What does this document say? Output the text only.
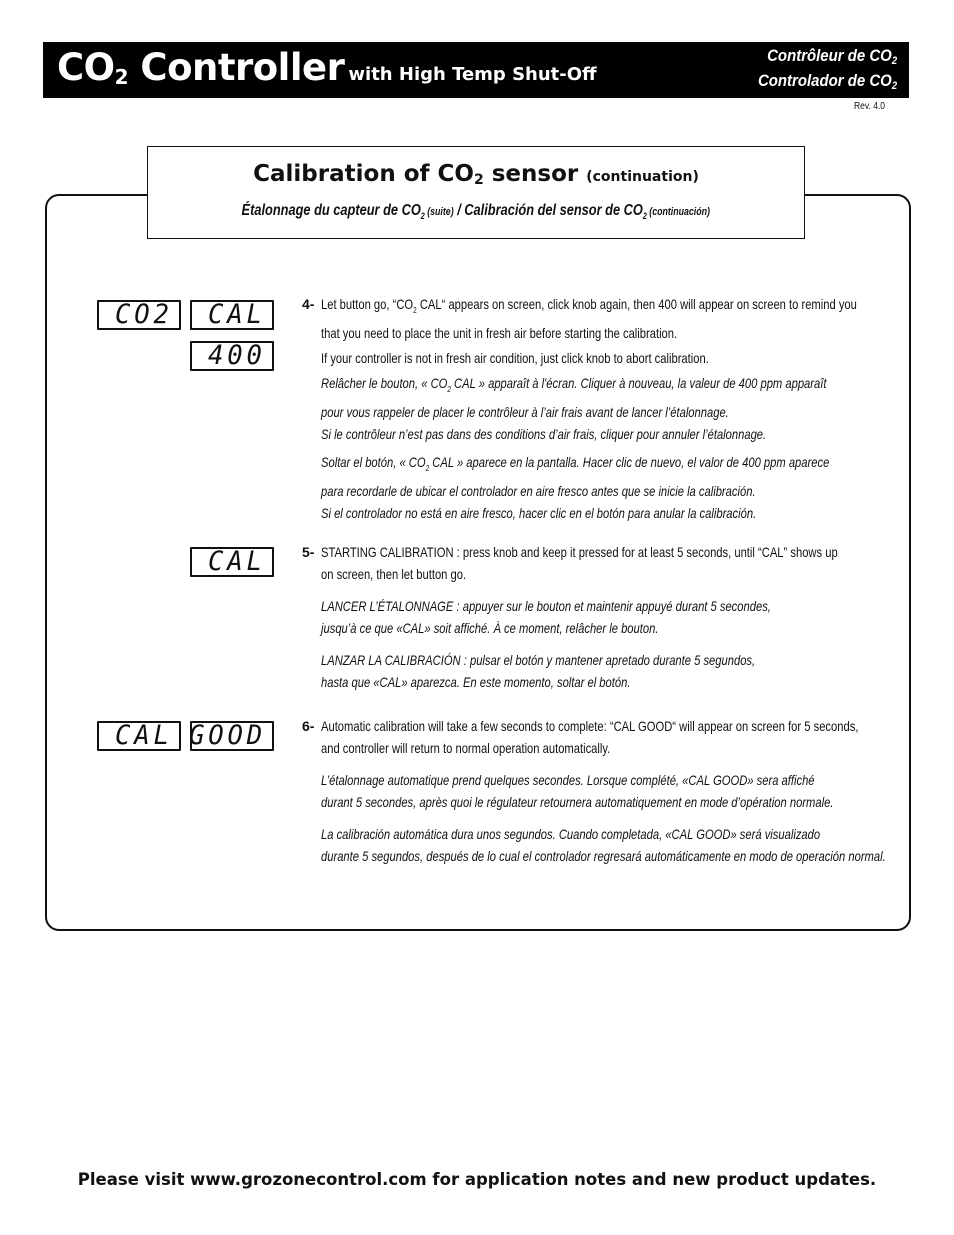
$CO_2$ Controller with High Temp Shut-Off
Contrôleur de $CO_2$
Controlador de $CO_2$
Rev. 4.0
Calibration of $CO_2$ sensor (continuation)
Étalonnage du capteur de $CO_2$ (suite) / Calibración del sensor de $CO_2$ (continuación)
CO2 CAL
400
CAL
CAL GOOD
4- Let button go, “$CO_2$ CAL“ appears on screen, click knob again, then 400 will appear on screen to remind you
that you need to place the unit in fresh air before starting the calibration.
If your controller is not in fresh air condition, just click knob to abort calibration.
Relâcher le bouton, « $CO_2$ CAL » apparaît à l'écran. Cliquer à nouveau, la valeur de 400 ppm apparaît
pour vous rappeler de placer le contrôleur à l’air frais avant de lancer l’étalonnage.
Si le contrôleur n’est pas dans des conditions d’air frais, cliquer pour annuler l’étalonnage.
Soltar el botón, « $CO_2$ CAL » aparece en la pantalla. Hacer clic de nuevo, el valor de 400 ppm aparece
para recordarle de ubicar el controlador en aire fresco antes que se inicie la calibración.
Si el controlador no está en aire fresco, hacer clic en el botón para anular la calibración.
5- STARTING CALIBRATION : press knob and keep it pressed for at least 5 seconds, until “CAL” shows up
on screen, then let button go.
LANCER L’ÉTALONNAGE : appuyer sur le bouton et maintenir appuyé durant 5 secondes,
jusqu’à ce que «CAL» soit affiché. À ce moment, relâcher le bouton.
LANZAR LA CALIBRACIÓN : pulsar el botón y mantener apretado durante 5 segundos,
hasta que «CAL» aparezca. En este momento, soltar el botón.
6- Automatic calibration will take a few seconds to complete: “CAL GOOD“ will appear on screen for 5 seconds,
and controller will return to normal operation automatically.
L’étalonnage automatique prend quelques secondes. Lorsque complété, «CAL GOOD» sera affiché
durant 5 secondes, après quoi le régulateur retournera automatiquement en mode d’opération normale.
La calibración automática dura unos segundos. Cuando completada, «CAL GOOD» será visualizado
durante 5 segundos, después de lo cual el controlador regresará automáticamente en modo de operación normal.
Please visit www.grozonecontrol.com for application notes and new product updates.
